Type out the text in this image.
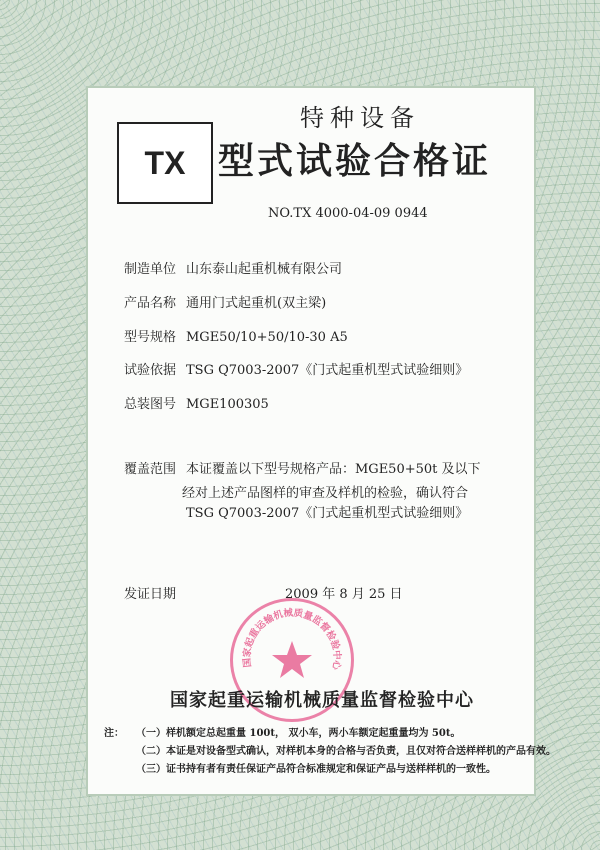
TX
特种设备
型式试验合格证
NO.TX 4000-04-09 0944
制造单位 山东泰山起重机械有限公司
产品名称 通用门式起重机(双主梁)
型号规格 MGE50/10+50/10-30 A5
试验依据 TSG Q7003-2007《门式起重机型式试验细则》
总装图号 MGE100305
覆盖范围 本证覆盖以下型号规格产品：MGE50+50t 及以下
经对上述产品图样的审查及样机的检验，确认符合
TSG Q7003-2007《门式起重机型式试验细则》
发证日期	2009 年 8 月 25 日
国家起重运输机械质量监督检验中心
国家起重运输机械质量监督检验中心
注： （一）样机额定总起重量 100t， 双小车，两小车额定起重量均为 50t。
（二）本证是对设备型式确认，对样机本身的合格与否负责，且仅对符合送样样机的产品有效。
（三）证书持有者有责任保证产品符合标准规定和保证产品与送样样机的一致性。
